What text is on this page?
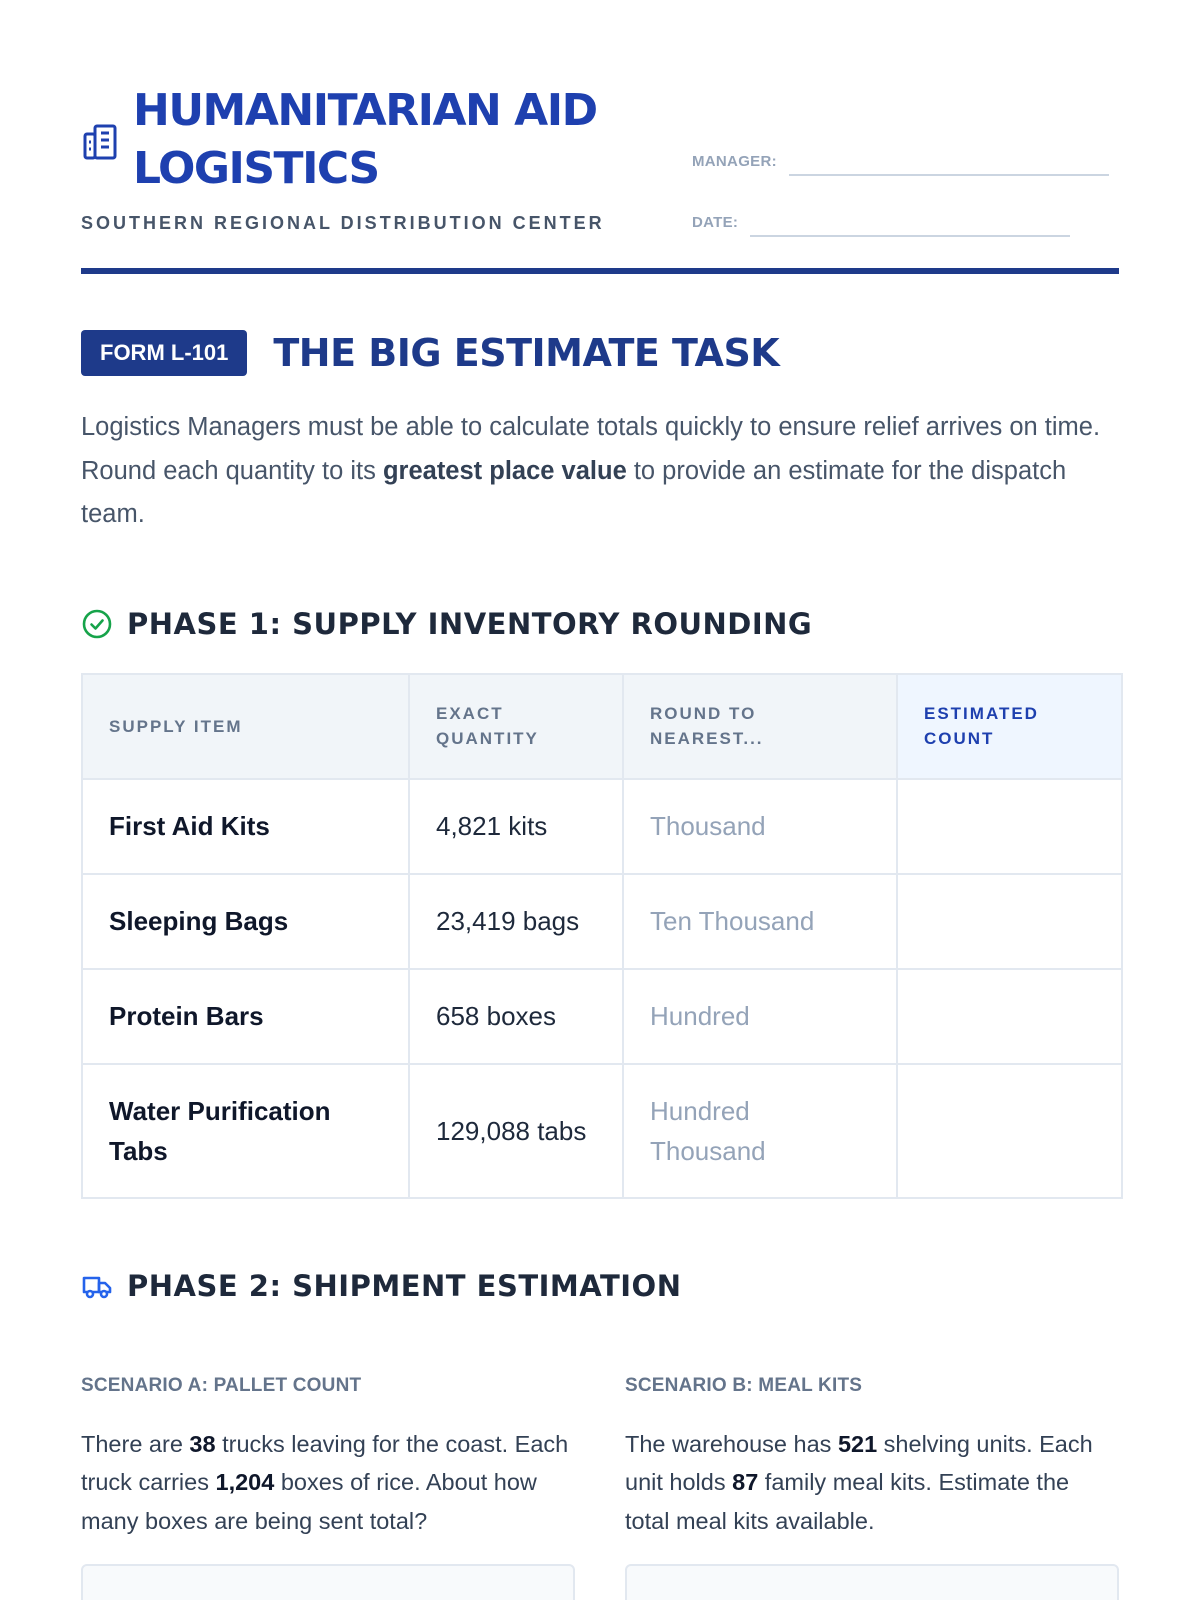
HUMANITARIAN AID LOGISTICS
SOUTHERN REGIONAL DISTRIBUTION CENTER
MANAGER:
DATE:
FORM L-101	THE BIG ESTIMATE TASK

Logistics Managers must be able to calculate totals quickly to ensure relief arrives on time. Round each quantity to its greatest place value to provide an estimate for the dispatch team.

PHASE 1: SUPPLY INVENTORY ROUNDING
SUPPLY ITEM	EXACT QUANTITY	ROUND TO NEAREST...	ESTIMATED COUNT
First Aid Kits	4,821 kits	Thousand	
Sleeping Bags	23,419 bags	Ten Thousand	
Protein Bars	658 boxes	Hundred	
Water Purification Tabs	129,088 tabs	Hundred Thousand	
PHASE 2: SHIPMENT ESTIMATION
SCENARIO A: PALLET COUNT
There are 38 trucks leaving for the coast. Each truck carries 1,204 boxes of rice. About how many boxes are being sent total?
SCENARIO B: MEAL KITS
The warehouse has 521 shelving units. Each unit holds 87 family meal kits. Estimate the total meal kits available.
